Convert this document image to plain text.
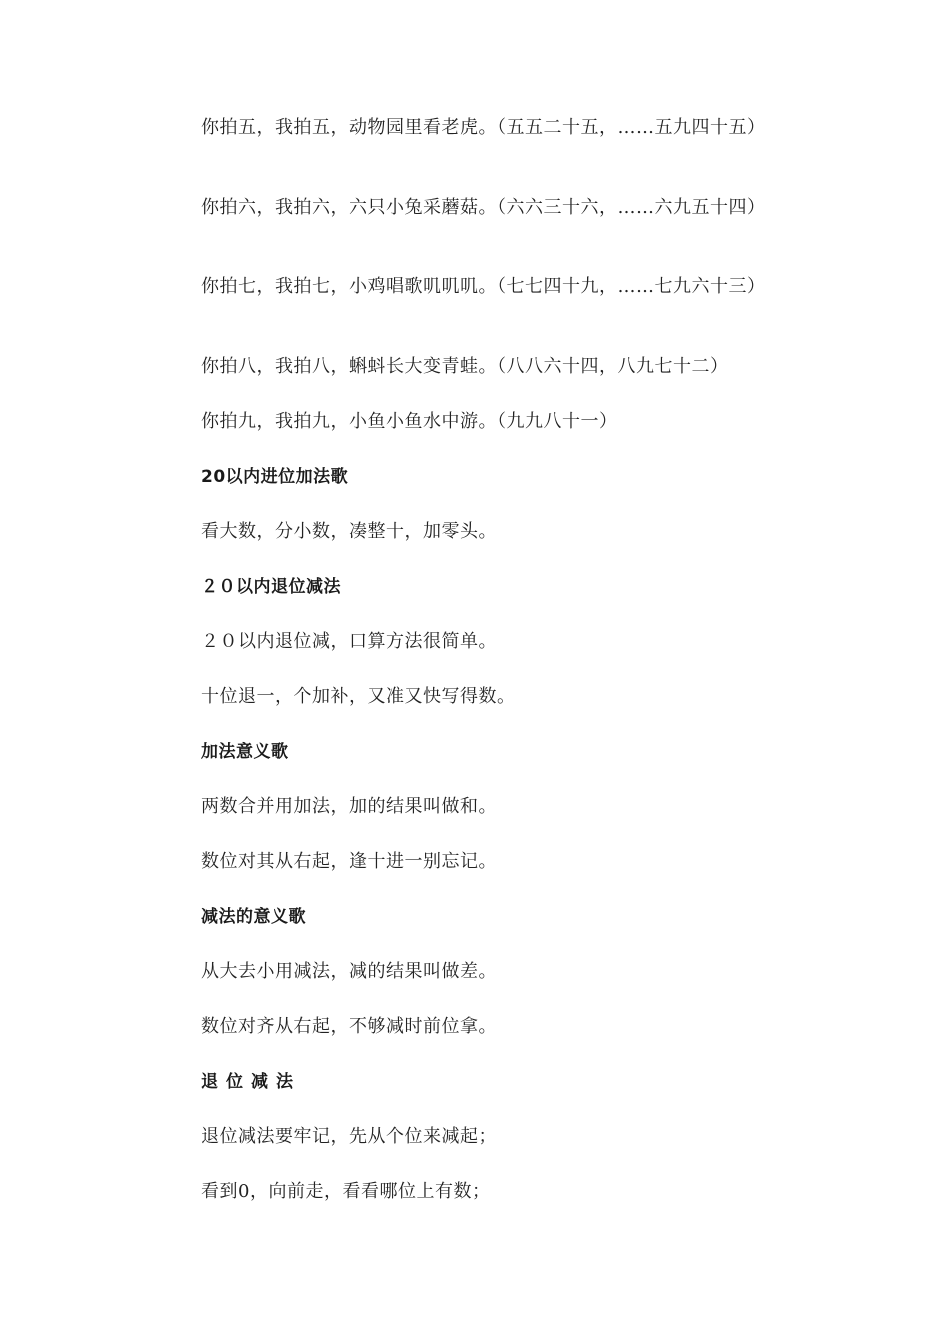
你拍五，我拍五，动物园里看老虎。（五五二十五，……五九四十五）
你拍六，我拍六，六只小兔采蘑菇。（六六三十六，……六九五十四）
你拍七，我拍七，小鸡唱歌叽叽叽。（七七四十九，……七九六十三）
你拍八，我拍八，蝌蚪长大变青蛙。（八八六十四，八九七十二）
你拍九，我拍九，小鱼小鱼水中游。（九九八十一）
20以内进位加法歌
看大数，分小数，凑整十，加零头。
２０以内退位减法
２０以内退位减，口算方法很简单。
十位退一，个加补，又准又快写得数。
加法意义歌
两数合并用加法，加的结果叫做和。
数位对其从右起，逢十进一别忘记。
减法的意义歌
从大去小用减法，减的结果叫做差。
数位对齐从右起，不够减时前位拿。
退位减法
退位减法要牢记，先从个位来减起；
看到0，向前走，看看哪位上有数；
